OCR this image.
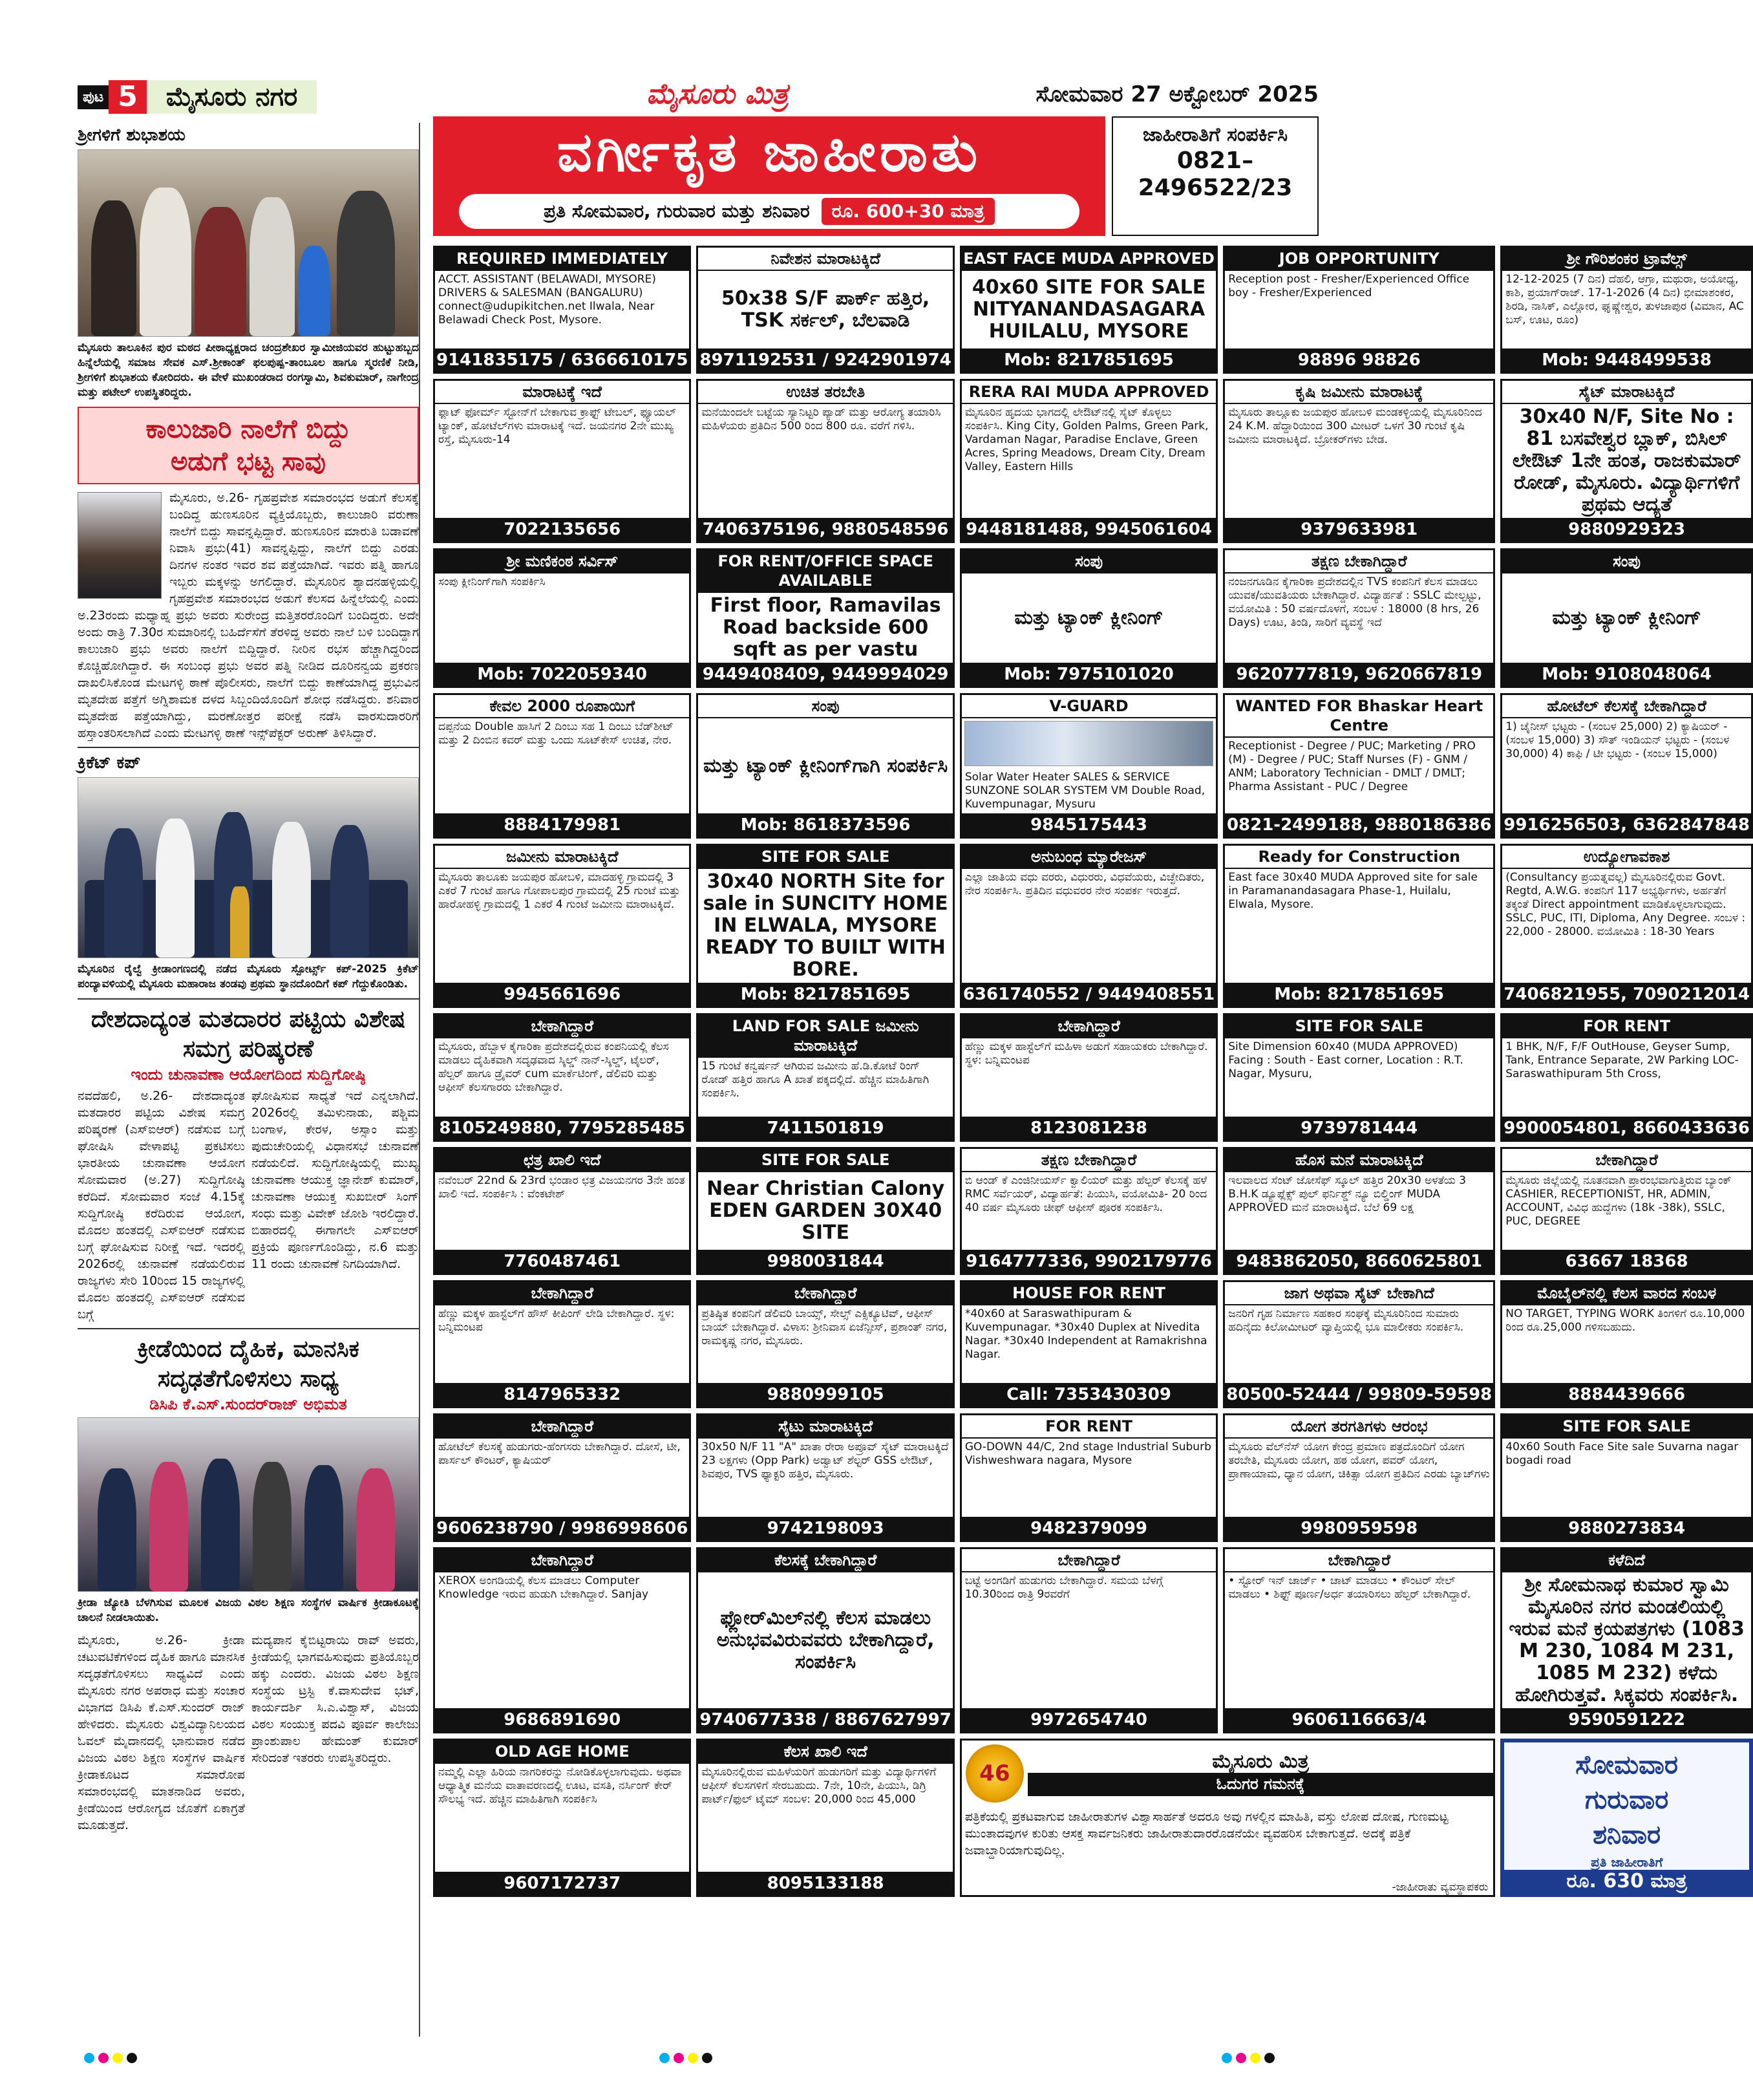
ಪುಟ 5	ಮೈಸೂರು ನಗರ	ಮೈಸೂರು ಮಿತ್ರ	ಸೋಮವಾರ 27 ಅಕ್ಟೋಬರ್ 2025
ಶ್ರೀಗಳಿಗೆ ಶುಭಾಶಯ

ಮೈಸೂರು ತಾಲೂಕಿನ ಪುರ ಮಠದ ಪೀಠಾಧ್ಯಕ್ಷರಾದ ಚಂದ್ರಶೇಖರ ಸ್ವಾಮೀಜಿಯವರ ಹುಟ್ಟುಹಬ್ಬದ ಹಿನ್ನೆಲೆಯಲ್ಲಿ ಸಮಾಜ ಸೇವಕ ಎಸ್.ಶ್ರೀಕಾಂತ್ ಫಲಪುಷ್ಪ-ತಾಂಬೂಲ ಹಾಗೂ ಸ್ಮರಣಿಕೆ ನೀಡಿ, ಶ್ರೀಗಳಿಗೆ ಶುಭಾಶಯ ಕೋರಿದರು. ಈ ವೇಳೆ ಮುಖಂಡರಾದ ರಂಗಸ್ವಾಮಿ, ಶಿವಕುಮಾರ್, ನಾಗೇಂದ್ರ ಮತ್ತು ಪಟೇಲ್ ಉಪಸ್ಥಿತರಿದ್ದರು.

ಕಾಲುಜಾರಿ ನಾಲೆಗೆ ಬಿದ್ದು
ಅಡುಗೆ ಭಟ್ಟ ಸಾವು

ಮೈಸೂರು, ಅ.26- ಗೃಹಪ್ರವೇಶ ಸಮಾರಂಭದ ಅಡುಗೆ ಕೆಲಸಕ್ಕೆ ಬಂದಿದ್ದ ಹುಣಸೂರಿನ ವ್ಯಕ್ತಿಯೊಬ್ಬರು, ಕಾಲುಜಾರಿ ವರುಣಾ ನಾಲೆಗೆ ಬಿದ್ದು ಸಾವನ್ನಪ್ಪಿದ್ದಾರೆ. ಹುಣಸೂರಿನ ಮಾರುತಿ ಬಡಾವಣೆ ನಿವಾಸಿ ಪ್ರಭು(41) ಸಾವನ್ನಪ್ಪಿದ್ದು, ನಾಲೆಗೆ ಬಿದ್ದು ಎರಡು ದಿನಗಳ ನಂತರ ಇವರ ಶವ ಪತ್ತೆಯಾಗಿದೆ. ಇವರು ಪತ್ನಿ ಹಾಗೂ ಇಬ್ಬರು ಮಕ್ಕಳನ್ನು ಅಗಲಿದ್ದಾರೆ. ಮೈಸೂರಿನ ಶ್ಯಾದನಹಳ್ಳಿಯಲ್ಲಿ ಗೃಹಪ್ರವೇಶ ಸಮಾರಂಭದ ಅಡುಗೆ ಕೆಲಸದ ಹಿನ್ನೆಲೆಯಲ್ಲಿ ಎಂದು ಅ.23ರಂದು ಮಧ್ಯಾಹ್ನ ಪ್ರಭು ಅವರು ಸುರೇಂದ್ರ ಮತ್ತಿತರರೊಂದಿಗೆ ಬಂದಿದ್ದರು. ಅದೇ ಅಂದು ರಾತ್ರಿ 7.30ರ ಸುಮಾರಿನಲ್ಲಿ ಬಹಿರ್ದೆಸೆಗೆ ತೆರಳಿದ್ದ ಅವರು ನಾಲೆ ಬಳಿ ಬಂದಿದ್ದಾಗ ಕಾಲುಜಾರಿ ಪ್ರಭು ಅವರು ನಾಲೆಗೆ ಬಿದ್ದಿದ್ದಾರೆ. ನೀರಿನ ರಭಸ ಹೆಚ್ಚಾಗಿದ್ದರಿಂದ ಕೊಚ್ಚಿಹೋಗಿದ್ದಾರೆ. ಈ ಸಂಬಂಧ ಪ್ರಭು ಅವರ ಪತ್ನಿ ನೀಡಿದ ದೂರಿನನ್ವಯ ಪ್ರಕರಣ ದಾಖಲಿಸಿಕೊಂಡ ಮೇಟಗಳ್ಳಿ ಠಾಣೆ ಪೊಲೀಸರು, ನಾಲೆಗೆ ಬಿದ್ದು ಕಾಣೆಯಾಗಿದ್ದ ಪ್ರಭುವಿನ ಮೃತದೇಹ ಪತ್ತೆಗೆ ಅಗ್ನಿಶಾಮಕ ದಳದ ಸಿಬ್ಬಂದಿಯೊಂದಿಗೆ ಶೋಧ ನಡೆಸಿದ್ದರು. ಶನಿವಾರ ಮೃತದೇಹ ಪತ್ತೆಯಾಗಿದ್ದು, ಮರಣೋತ್ತರ ಪರೀಕ್ಷೆ ನಡೆಸಿ ವಾರಸುದಾರರಿಗೆ ಹಸ್ತಾಂತರಿಸಲಾಗಿದೆ ಎಂದು ಮೇಟಗಳ್ಳಿ ಠಾಣೆ ಇನ್ಸ್‌ಪೆಕ್ಟರ್ ಅರುಣ್ ತಿಳಿಸಿದ್ದಾರೆ.

ಕ್ರಿಕೆಟ್ ಕಪ್

ಮೈಸೂರಿನ ರೈಲ್ವೆ ಕ್ರೀಡಾಂಗಣದಲ್ಲಿ ನಡೆದ ಮೈಸೂರು ಸ್ಪೋರ್ಟ್ಸ್ ಕಪ್-2025 ಕ್ರಿಕೆಟ್ ಪಂದ್ಯಾವಳಿಯಲ್ಲಿ ಮೈಸೂರು ಮಹಾರಾಜ ತಂಡವು ಪ್ರಥಮ ಸ್ಥಾನದೊಂದಿಗೆ ಕಪ್ ಗೆದ್ದುಕೊಂಡಿತು.

ದೇಶದಾದ್ಯಂತ ಮತದಾರರ ಪಟ್ಟಿಯ ವಿಶೇಷ ಸಮಗ್ರ ಪರಿಷ್ಕರಣೆ
ಇಂದು ಚುನಾವಣಾ ಆಯೋಗದಿಂದ ಸುದ್ದಿಗೋಷ್ಠಿ

ನವದೆಹಲಿ, ಅ.26- ದೇಶದಾದ್ಯಂತ ಮತದಾರರ ಪಟ್ಟಿಯ ವಿಶೇಷ ಸಮಗ್ರ ಪರಿಷ್ಕರಣೆ (ಎಸ್‌ಐಆರ್) ನಡೆಸುವ ಬಗ್ಗೆ ಘೋಷಿಸಿ ವೇಳಾಪಟ್ಟಿ ಪ್ರಕಟಿಸಲು ಭಾರತೀಯ ಚುನಾವಣಾ ಆಯೋಗ ಸೋಮವಾರ (ಅ.27) ಸುದ್ದಿಗೋಷ್ಠಿ ಕರೆದಿದೆ. ಸೋಮವಾರ ಸಂಜೆ 4.15ಕ್ಕೆ ಸುದ್ದಿಗೋಷ್ಠಿ ಕರೆದಿರುವ ಆಯೋಗ, ಮೊದಲ ಹಂತದಲ್ಲಿ ಎಸ್‌ಐಆರ್ ನಡೆಸುವ ಬಗ್ಗೆ ಘೋಷಿಸುವ ನಿರೀಕ್ಷೆ ಇದೆ. ಇದರಲ್ಲಿ 2026ರಲ್ಲಿ ಚುನಾವಣೆ ನಡೆಯಲಿರುವ ರಾಜ್ಯಗಳು ಸೇರಿ 10ರಿಂದ 15 ರಾಜ್ಯಗಳಲ್ಲಿ ಮೊದಲ ಹಂತದಲ್ಲಿ ಎಸ್‌ಐಆರ್ ನಡೆಸುವ ಬಗ್ಗೆ

ಘೋಷಿಸುವ ಸಾಧ್ಯತೆ ಇದೆ ಎನ್ನಲಾಗಿದೆ. 2026ರಲ್ಲಿ ತಮಿಳುನಾಡು, ಪಶ್ಚಿಮ ಬಂಗಾಳ, ಕೇರಳ, ಅಸ್ಸಾಂ ಮತ್ತು ಪುದುಚೇರಿಯಲ್ಲಿ ವಿಧಾನಸಭೆ ಚುನಾವಣೆ ನಡೆಯಲಿದೆ. ಸುದ್ದಿಗೋಷ್ಠಿಯಲ್ಲಿ ಮುಖ್ಯ ಚುನಾವಣಾ ಆಯುಕ್ತ ಜ್ಞಾನೇಶ್ ಕುಮಾರ್, ಚುನಾವಣಾ ಆಯುಕ್ತ ಸುಖಬೀರ್ ಸಿಂಗ್ ಸಂಧು ಮತ್ತು ವಿವೇಕ್ ಜೋಶಿ ಇರಲಿದ್ದಾರೆ. ಬಿಹಾರದಲ್ಲಿ ಈಗಾಗಲೇ ಎಸ್‌ಐಆರ್ ಪ್ರಕ್ರಿಯೆ ಪೂರ್ಣಗೊಂಡಿದ್ದು, ನ.6 ಮತ್ತು 11 ರಂದು ಚುನಾವಣೆ ನಿಗದಿಯಾಗಿದೆ.

ಕ್ರೀಡೆಯಿಂದ ದೈಹಿಕ, ಮಾನಸಿಕ ಸದೃಢತೆಗೊಳಿಸಲು ಸಾಧ್ಯ
ಡಿಸಿಪಿ ಕೆ.ಎಸ್.ಸುಂದರ್‌ರಾಜ್ ಅಭಿಮತ

ಕ್ರೀಡಾ ಜ್ಯೋತಿ ಬೆಳಗಿಸುವ ಮೂಲಕ ವಿಜಯ ವಿಠಲ ಶಿಕ್ಷಣ ಸಂಸ್ಥೆಗಳ ವಾರ್ಷಿಕ ಕ್ರೀಡಾಕೂಟಕ್ಕೆ ಚಾಲನೆ ನೀಡಲಾಯಿತು.

ಮೈಸೂರು, ಅ.26- ಕ್ರೀಡಾ ಚಟುವಟಿಕೆಗಳಿಂದ ದೈಹಿಕ ಹಾಗೂ ಮಾನಸಿಕ ಸದೃಢತೆಗೊಳಿಸಲು ಸಾಧ್ಯವಿದೆ ಎಂದು ಮೈಸೂರು ನಗರ ಅಪರಾಧ ಮತ್ತು ಸಂಚಾರ ವಿಭಾಗದ ಡಿಸಿಪಿ ಕೆ.ಎಸ್.ಸುಂದರ್ ರಾಜ್ ಹೇಳಿದರು. ಮೈಸೂರು ವಿಶ್ವವಿದ್ಯಾನಿಲಯದ ಓವಲ್ ಮೈದಾನದಲ್ಲಿ ಭಾನುವಾರ ನಡೆದ ವಿಜಯ ವಿಠಲ ಶಿಕ್ಷಣ ಸಂಸ್ಥೆಗಳ ವಾರ್ಷಿಕ ಕ್ರೀಡಾಕೂಟದ ಸಮಾರೋಪ ಸಮಾರಂಭದಲ್ಲಿ ಮಾತನಾಡಿದ ಅವರು, ಕ್ರೀಡೆಯಿಂದ ಆರೋಗ್ಯದ ಜೊತೆಗೆ ಏಕಾಗ್ರತೆ ಮೂಡುತ್ತದೆ.

ಮದ್ಯಪಾನ ಕೈಬಿಟ್ಟರಾಯಿ ರಾವ್ ಅವರು, ಕ್ರೀಡೆಯಲ್ಲಿ ಭಾಗವಹಿಸುವುದು ಪ್ರತಿಯೊಬ್ಬರ ಹಕ್ಕು ಎಂದರು. ವಿಜಯ ವಿಠಲ ಶಿಕ್ಷಣ ಸಂಸ್ಥೆಯ ಟ್ರಸ್ಟಿ ಕೆ.ವಾಸುದೇವ ಭಟ್, ಕಾರ್ಯದರ್ಶಿ ಸಿ.ಎ.ವಿಶ್ವಾಸ್, ವಿಜಯ ವಿಠಲ ಸಂಯುಕ್ತ ಪದವಿ ಪೂರ್ವ ಕಾಲೇಜು ಪ್ರಾಂಶುಪಾಲ ಹೇಮಂತ್ ಕುಮಾರ್ ಸೇರಿದಂತೆ ಇತರರು ಉಪಸ್ಥಿತರಿದ್ದರು.

ವರ್ಗೀಕೃತ ಜಾಹೀರಾತು
ಪ್ರತಿ ಸೋಮವಾರ, ಗುರುವಾರ ಮತ್ತು ಶನಿವಾರ	ರೂ. 600+30 ಮಾತ್ರ
ಜಾಹೀರಾತಿಗೆ ಸಂಪರ್ಕಿಸಿ
0821–
2496522/23
REQUIRED IMMEDIATELY
ACCT. ASSISTANT (BELAWADI, MYSORE) DRIVERS & SALESMAN (BANGALURU) connect@udupikitchen.net Ilwala, Near Belawadi Check Post, Mysore.
9141835175 / 6366610175
ನಿವೇಶನ ಮಾರಾಟಕ್ಕಿದೆ
50x38 S/F ಪಾರ್ಕ್ ಹತ್ತಿರ, TSK ಸರ್ಕಲ್, ಬೆಲವಾಡಿ
8971192531 / 9242901974
EAST FACE MUDA APPROVED
40x60 SITE FOR SALE NITYANANDASAGARA HUILALU, MYSORE
Mob: 8217851695
JOB OPPORTUNITY
Reception post - Fresher/Experienced Office boy - Fresher/Experienced
98896 98826
ಶ್ರೀ ಗೌರಿಶಂಕರ ಟ್ರಾವೆಲ್ಸ್
12-12-2025 (7 ದಿನ) ದೆಹಲಿ, ಆಗ್ರಾ, ಮಥುರಾ, ಅಯೋಧ್ಯ, ಕಾಶಿ, ಪ್ರಯಾಗ್‌ರಾಜ್. 17-1-2026 (4 ದಿನ) ಭೀಮಾಶಂಕರ, ಶಿರಡಿ, ನಾಸಿಕ್, ಎಲ್ಲೋರ, ಘೃಷ್ಣೇಶ್ವರ, ತುಳಜಾಪುರ (ವಿಮಾನ, AC ಬಸ್, ಊಟ, ರೂಂ)
Mob: 9448499538
ಮಾರಾಟಕ್ಕೆ ಇದೆ
ಫ್ಲಾಟ್ ಫೋರ್ಮ್ ಸ್ಟೋನ್‌ಗೆ ಬೇಕಾಗುವ ಕ್ರಾಫ್ಟ್ ಟೇಬಲ್, ಫ್ಯೂಯಲ್ ಟ್ಯಾಂಕ್, ಹೋಟೆಲ್‌ಗಳು ಮಾರಾಟಕ್ಕೆ ಇದೆ. ಜಯನಗರ 2ನೇ ಮುಖ್ಯ ರಸ್ತೆ, ಮೈಸೂರು-14
7022135656
ಉಚಿತ ತರಬೇತಿ
ಮನೆಯಿಂದಲೇ ಬಟ್ಟೆಯ ಸ್ಯಾನಿಟ್ಟರಿ ಪ್ಯಾಡ್ ಮತ್ತು ಆರೋಗ್ಯ ತಯಾರಿಸಿ ಮಹಿಳೆಯರು ಪ್ರತಿದಿನ 500 ರಿಂದ 800 ರೂ. ವರೆಗೆ ಗಳಿಸಿ.
7406375196, 9880548596
RERA RAI MUDA APPROVED
ಮೈಸೂರಿನ ಹೃದಯ ಭಾಗದಲ್ಲಿ ಲೇಔಟ್‌ನಲ್ಲಿ ಸೈಟ್ ಕೊಳ್ಳಲು ಸಂಪರ್ಕಿಸಿ. King City, Golden Palms, Green Park, Vardaman Nagar, Paradise Enclave, Green Acres, Spring Meadows, Dream City, Dream Valley, Eastern Hills
9448181488, 9945061604
ಕೃಷಿ ಜಮೀನು ಮಾರಾಟಕ್ಕೆ
ಮೈಸೂರು ತಾಲ್ಲೂಕು ಜಯಪುರ ಹೋಬಳಿ ಮಂಡಕಳ್ಳಿಯಲ್ಲಿ ಮೈಸೂರಿನಿಂದ 24 K.M. ಹೆದ್ದಾರಿಯಿಂದ 300 ಮೀಟರ್ ಒಳಗೆ 30 ಗುಂಟೆ ಕೃಷಿ ಜಮೀನು ಮಾರಾಟಕ್ಕಿದೆ. ಬ್ರೋಕರ್‌ಗಳು ಬೇಡ.
9379633981
ಸೈಟ್ ಮಾರಾಟಕ್ಕಿದೆ
30x40 N/F, Site No : 81 ಬಸವೇಶ್ವರ ಬ್ಲಾಕ್, ಬಿಸಿಲ್ ಲೇಔಟ್ 1ನೇ ಹಂತ, ರಾಜಕುಮಾರ್ ರೋಡ್, ಮೈಸೂರು. ವಿದ್ಯಾರ್ಥಿಗಳಿಗೆ ಪ್ರಥಮ ಆದ್ಯತೆ
9880929323
ಶ್ರೀ ಮಣಿಕಂಠ ಸರ್ವಿಸ್
ಸಂಪು ಕ್ಲೀನಿಂಗ್‌ಗಾಗಿ ಸಂಪರ್ಕಿಸಿ
Mob: 7022059340
FOR RENT/OFFICE SPACE AVAILABLE
First floor, Ramavilas Road backside 600 sqft as per vastu
9449408409, 9449994029
ಸಂಪು
ಮತ್ತು ಟ್ಯಾಂಕ್ ಕ್ಲೀನಿಂಗ್
Mob: 7975101020
ತಕ್ಷಣ ಬೇಕಾಗಿದ್ದಾರೆ
ನಂಜನಗೂಡಿನ ಕೈಗಾರಿಕಾ ಪ್ರದೇಶದಲ್ಲಿನ TVS ಕಂಪನಿಗೆ ಕೆಲಸ ಮಾಡಲು ಯುವಕ/ಯುವತಿಯರು ಬೇಕಾಗಿದ್ದಾರೆ. ವಿದ್ಯಾರ್ಹತೆ : SSLC ಮೇಲ್ಪಟ್ಟು, ವಯೋಮಿತಿ : 50 ವರ್ಷದೊಳಗೆ, ಸಂಬಳ : 18000 (8 hrs, 26 Days) ಊಟ, ತಿಂಡಿ, ಸಾರಿಗೆ ವ್ಯವಸ್ಥೆ ಇದೆ
9620777819, 9620667819
ಸಂಪು
ಮತ್ತು ಟ್ಯಾಂಕ್ ಕ್ಲೀನಿಂಗ್
Mob: 9108048064
ಕೇವಲ 2000 ರೂಪಾಯಿಗೆ
ದಪ್ಪನೆಯ Double ಹಾಸಿಗೆ 2 ದಿಂಬು ಸಹ 1 ದಿಂಬು ಬೆಡ್‌ಶೀಟ್ ಮತ್ತು 2 ದಿಂಬಿನ ಕವರ್ ಮತ್ತು ಒಂದು ಸೂಟ್‌ಕೇಸ್ ಉಚಿತ, ನೇರ.
8884179981
ಸಂಪು
ಮತ್ತು ಟ್ಯಾಂಕ್ ಕ್ಲೀನಿಂಗ್‌ಗಾಗಿ ಸಂಪರ್ಕಿಸಿ
Mob: 8618373596
V-GUARD
Solar Water Heater SALES & SERVICE SUNZONE SOLAR SYSTEM VM Double Road, Kuvempunagar, Mysuru
9845175443
WANTED FOR Bhaskar Heart Centre
Receptionist - Degree / PUC; Marketing / PRO (M) - Degree / PUC; Staff Nurses (F) - GNM / ANM; Laboratory Technician - DMLT / DMLT; Pharma Assistant - PUC / Degree
0821-2499188, 9880186386
ಹೋಟೆಲ್ ಕೆಲಸಕ್ಕೆ ಬೇಕಾಗಿದ್ದಾರೆ
1) ಚೈನೀಸ್ ಭಟ್ಟರು - (ಸಂಬಳ 25,000) 2) ಕ್ಯಾಷಿಯರ್ - (ಸಂಬಳ 15,000) 3) ಸೌತ್ ಇಂಡಿಯನ್ ಭಟ್ಟರು - (ಸಂಬಳ 30,000) 4) ಕಾಫಿ / ಟೀ ಭಟ್ಟರು - (ಸಂಬಳ 15,000)
9916256503, 6362847848
ಜಮೀನು ಮಾರಾಟಕ್ಕಿದೆ
ಮೈಸೂರು ತಾಲೂಕು ಜಯಪುರ ಹೋಬಳಿ, ಮಾದಹಳ್ಳಿ ಗ್ರಾಮದಲ್ಲಿ 3 ಎಕರೆ 7 ಗುಂಟೆ ಹಾಗೂ ಗೋಪಾಲಪುರ ಗ್ರಾಮದಲ್ಲಿ 25 ಗುಂಟೆ ಮತ್ತು ಹಾರೋಹಳ್ಳಿ ಗ್ರಾಮದಲ್ಲಿ 1 ಎಕರೆ 4 ಗುಂಟೆ ಜಮೀನು ಮಾರಾಟಕ್ಕಿದೆ.
9945661696
SITE FOR SALE
30x40 NORTH Site for sale in SUNCITY HOME IN ELWALA, MYSORE READY TO BUILT WITH BORE.
Mob: 8217851695
ಅನುಬಂಧ ಮ್ಯಾರೇಜಸ್
ಎಲ್ಲಾ ಜಾತಿಯ ವಧು ವರರು, ವಿಧುರರು, ವಿಧವೆಯರು, ವಿಚ್ಛೇದಿತರು, ನೇರ ಸಂಪರ್ಕಿಸಿ. ಪ್ರತಿದಿನ ವಧುವರರ ನೇರ ಸಂಪರ್ಕ ಇರುತ್ತದೆ.
6361740552 / 9449408551
Ready for Construction
East face 30x40 MUDA Approved site for sale in Paramanandasagara Phase-1, Huilalu, Elwala, Mysore.
Mob: 8217851695
ಉದ್ಯೋಗಾವಕಾಶ
(Consultancy ಪ್ರಯತ್ನವಲ್ಲ) ಮೈಸೂರಿನಲ್ಲಿರುವ Govt. Regtd, A.W.G. ಕಂಪನಿಗೆ 117 ಅಭ್ಯರ್ಥಿಗಳು, ಅರ್ಹತೆಗೆ ತಕ್ಕಂತೆ Direct appointment ಮಾಡಿಕೊಳ್ಳಲಾಗುವುದು. SSLC, PUC, ITI, Diploma, Any Degree. ಸಂಬಳ : 22,000 - 28000. ವಯೋಮಿತಿ : 18-30 Years
7406821955, 7090212014
ಬೇಕಾಗಿದ್ದಾರೆ
ಮೈಸೂರು, ಹೆಬ್ಬಾಳ ಕೈಗಾರಿಕಾ ಪ್ರದೇಶದಲ್ಲಿರುವ ಕಂಪನಿಯಲ್ಲಿ ಕೆಲಸ ಮಾಡಲು ದೈಹಿಕವಾಗಿ ಸದೃಢವಾದ ಸ್ಕಿಲ್ಡ್ ನಾನ್-ಸ್ಕಿಲ್ಡ್, ಟೈಲರ್, ಹೆಲ್ಪರ್ ಹಾಗೂ ಡ್ರೈವರ್ cum ಮಾರ್ಕೆಟಿಂಗ್, ಡೆಲಿವರಿ ಮತ್ತು ಆಫೀಸ್ ಕೆಲಸಗಾರರು ಬೇಕಾಗಿದ್ದಾರೆ.
8105249880, 7795285485
LAND FOR SALE ಜಮೀನು ಮಾರಾಟಕ್ಕಿದೆ
15 ಗುಂಟೆ ಕನ್ವರ್ಷನ್ ಆಗಿರುವ ಜಮೀನು ಹೆ.ಡಿ.ಕೋಟೆ ರಿಂಗ್ ರೋಡ್ ಹತ್ತಿರ ಹಾಗೂ A ಖಾತೆ ಪಕ್ಕದಲ್ಲಿದೆ. ಹೆಚ್ಚಿನ ಮಾಹಿತಿಗಾಗಿ ಸಂಪರ್ಕಿಸಿ.
7411501819
ಬೇಕಾಗಿದ್ದಾರೆ
ಹೆಣ್ಣು ಮಕ್ಕಳ ಹಾಸ್ಟೆಲ್‌ಗೆ ಮಹಿಳಾ ಅಡುಗೆ ಸಹಾಯಕರು ಬೇಕಾಗಿದ್ದಾರೆ. ಸ್ಥಳ: ಬನ್ನಿಮಂಟಪ
8123081238
SITE FOR SALE
Site Dimension 60x40 (MUDA APPROVED) Facing : South - East corner, Location : R.T. Nagar, Mysuru,
9739781444
FOR RENT
1 BHK, N/F, F/F OutHouse, Geyser Sump, Tank, Entrance Separate, 2W Parking LOC-Saraswathipuram 5th Cross,
9900054801, 8660433636
ಛತ್ರ ಖಾಲಿ ಇದೆ
ನವೆಂಬರ್ 22nd & 23rd ಭಂಡಾರ ಛತ್ರ ವಿಜಯನಗರ 3ನೇ ಹಂತ ಖಾಲಿ ಇದೆ. ಸಂಪರ್ಕಿಸಿ : ವೆಂಕಟೇಶ್
7760487461
SITE FOR SALE
Near Christian Calony EDEN GARDEN 30X40 SITE
9980031844
ತಕ್ಷಣ ಬೇಕಾಗಿದ್ದಾರೆ
ಬಿ ಆಂಡ್ ಕೆ ಎಂಜಿನೀಯರ್ಸ್ ಕ್ವಾಲಿಯರ್ ಮತ್ತು ಹೆಲ್ಪರ್ ಕೆಲಸಕ್ಕೆ ಹಳೆ RMC ಸರ್ವೆಯರ್, ವಿದ್ಯಾರ್ಹತೆ: ಪಿಯುಸಿ, ವಯೋಮಿತಿ- 20 ರಿಂದ 40 ವರ್ಷ ಮೈಸೂರು ಚೀಫ್ ಆಫೀಸ್ ಪೂರಕ ಸಂಪರ್ಕಿಸಿ.
9164777336, 9902179776
ಹೊಸ ಮನೆ ಮಾರಾಟಕ್ಕಿದೆ
ಇಲವಾಲದ ಸೆಂಟ್ ಜೋಸೆಫ್ ಸ್ಕೂಲ್ ಹತ್ತಿರ 20x30 ಅಳತೆಯ 3 B.H.K ಡ್ಯೂಪ್ಲೆಕ್ಸ್ ಪುಲ್ ಫರ್ನಿಶ್ಡ್ ನ್ಯೂ ಬಿಲ್ಡಿಂಗ್ MUDA APPROVED ಮನೆ ಮಾರಾಟಕ್ಕಿದೆ. ಬೆಲೆ 69 ಲಕ್ಷ
9483862050, 8660625801
ಬೇಕಾಗಿದ್ದಾರೆ
ಮೈಸೂರು ಜಿಲ್ಲೆಯಲ್ಲಿ ನೂತನವಾಗಿ ಪ್ರಾರಂಭವಾಗುತ್ತಿರುವ ಬ್ಯಾಂಕ್ CASHIER, RECEPTIONIST, HR, ADMIN, ACCOUNT, ವಿವಿಧ ಹುದ್ದೆಗಳು (18k -38k), SSLC, PUC, DEGREE
63667 18368
ಬೇಕಾಗಿದ್ದಾರೆ
ಹೆಣ್ಣು ಮಕ್ಕಳ ಹಾಸ್ಟೆಲ್‌ಗೆ ಹೌಸ್ ಕೀಪಿಂಗ್ ಲೇಡಿ ಬೇಕಾಗಿದ್ದಾರೆ. ಸ್ಥಳ: ಬನ್ನಿಮಂಟಪ
8147965332
ಬೇಕಾಗಿದ್ದಾರೆ
ಪ್ರತಿಷ್ಠಿತ ಕಂಪನಿಗೆ ಡೆಲಿವರಿ ಬಾಯ್ಸ್, ಸೇಲ್ಸ್ ಎಕ್ಸಿಕ್ಯೂಟಿವ್, ಆಫೀಸ್ ಬಾಯ್ ಬೇಕಾಗಿದ್ದಾರೆ. ವಿಳಾಸ: ಶ್ರೀನಿವಾಸ ಏಜೆನ್ಸೀಸ್, ಪ್ರಶಾಂತ್ ನಗರ, ರಾಮಕೃಷ್ಣ ನಗರ, ಮೈಸೂರು.
9880999105
HOUSE FOR RENT
*40x60 at Saraswathipuram & Kuvempunagar. *30x40 Duplex at Nivedita Nagar. *30x40 Independent at Ramakrishna Nagar.
Call: 7353430309
ಜಾಗ ಅಥವಾ ಸೈಟ್ ಬೇಕಾಗಿದೆ
ಜನರಿಗೆ ಗೃಹ ನಿರ್ಮಾಣ ಸಹಕಾರ ಸಂಘಕ್ಕೆ ಮೈಸೂರಿನಿಂದ ಸುಮಾರು ಹದಿನೈದು ಕಿಲೋಮೀಟರ್ ವ್ಯಾಪ್ತಿಯಲ್ಲಿ ಭೂ ಮಾಲೀಕರು ಸಂಪರ್ಕಿಸಿ.
80500-52444 / 99809-59598
ಮೊಬೈಲ್‌ನಲ್ಲಿ ಕೆಲಸ ವಾರದ ಸಂಬಳ
NO TARGET, TYPING WORK ತಿಂಗಳಿಗೆ ರೂ.10,000 ರಿಂದ ರೂ.25,000 ಗಳಿಸಬಹುದು.
8884439666
ಬೇಕಾಗಿದ್ದಾರೆ
ಹೋಟೆಲ್ ಕೆಲಸಕ್ಕೆ ಹುಡುಗರು-ಹೆಂಗಸರು ಬೇಕಾಗಿದ್ದಾರೆ. ದೋಸೆ, ಟೀ, ಪಾರ್ಸಲ್ ಕೌಂಟರ್, ಕ್ಯಾಷಿಯರ್
9606238790 / 9986998606
ಸೈಟು ಮಾರಾಟಕ್ಕಿದೆ
30x50 N/F 11 "A" ಖಾತಾ ರೇರಾ ಅಪ್ರೂವ್ ಸೈಟ್ ಮಾರಾಟಕ್ಕಿದೆ 23 ಲಕ್ಷಗಳು (Opp Park) ಅಡ್ವಾಟ್ ಶೆಲ್ಟರ್ GSS ಲೇಔಟ್, ಶಿವಪುರ, TVS ಫ್ಯಾಕ್ಟರಿ ಹತ್ತಿರ, ಮೈಸೂರು.
9742198093
FOR RENT
GO-DOWN 44/C, 2nd stage Industrial Suburb Vishweshwara nagara, Mysore
9482379099
ಯೋಗ ತರಗತಿಗಳು ಆರಂಭ
ಮೈಸೂರು ವೆಲ್‌ನೆಸ್ ಯೋಗ ಕೇಂದ್ರ ಪ್ರಮಾಣ ಪತ್ರದೊಂದಿಗೆ ಯೋಗ ತರಬೇತಿ, ಮೈಸೂರು ಯೋಗ, ಹಠ ಯೋಗ, ಪವರ್ ಯೋಗ, ಪ್ರಾಣಾಯಾಮ, ಧ್ಯಾನ ಯೋಗ, ಚಿಕಿತ್ಸಾ ಯೋಗ ಪ್ರತಿದಿನ ಎರಡು ಬ್ಯಾಚ್‌ಗಳು
9980959598
SITE FOR SALE
40x60 South Face Site sale Suvarna nagar bogadi road
9880273834
ಬೇಕಾಗಿದ್ದಾರೆ
XEROX ಅಂಗಡಿಯಲ್ಲಿ ಕೆಲಸ ಮಾಡಲು Computer Knowledge ಇರುವ ಹುಡುಗಿ ಬೇಕಾಗಿದ್ದಾರೆ. Sanjay
9686891690
ಕೆಲಸಕ್ಕೆ ಬೇಕಾಗಿದ್ದಾರೆ
ಫ್ಲೋರ್‌ಮಿಲ್‌ನಲ್ಲಿ ಕೆಲಸ ಮಾಡಲು ಅನುಭವವಿರುವವರು ಬೇಕಾಗಿದ್ದಾರೆ, ಸಂಪರ್ಕಿಸಿ
9740677338 / 8867627997
ಬೇಕಾಗಿದ್ದಾರೆ
ಬಟ್ಟೆ ಅಂಗಡಿಗೆ ಹುಡುಗರು ಬೇಕಾಗಿದ್ದಾರೆ. ಸಮಯ ಬೆಳಗ್ಗೆ 10.30ರಿಂದ ರಾತ್ರಿ 9ರವರೆಗೆ
9972654740
ಬೇಕಾಗಿದ್ದಾರೆ
• ಸ್ಟೋರ್ ಇನ್ ಚಾರ್ಜ್ • ಚಾಟ್ ಮಾಡಲು • ಕೌಂಟರ್ ಸೇಲ್ ಮಾಡಲು • ಶಿಫ್ಟ್ ಪೂರ್ಣ/ಅರ್ಧ ತಯಾರಿಸಲು ಹೆಲ್ಪರ್ ಬೇಕಾಗಿದ್ದಾರೆ.
9606116663/4
ಕಳೆದಿದೆ
ಶ್ರೀ ಸೋಮನಾಥ ಕುಮಾರ ಸ್ವಾಮಿ ಮೈಸೂರಿನ ನಗರ ಮಂಡಲಿಯಲ್ಲಿ ಇರುವ ಮನೆ ಕ್ರಯಪತ್ರಗಳು (1083 M 230, 1084 M 231, 1085 M 232) ಕಳೆದು ಹೋಗಿರುತ್ತವೆ. ಸಿಕ್ಕವರು ಸಂಪರ್ಕಿಸಿ.
9590591222
OLD AGE HOME
ನಮ್ಮಲ್ಲಿ ಎಲ್ಲಾ ಹಿರಿಯ ನಾಗರಿಕರನ್ನು ನೋಡಿಕೊಳ್ಳಲಾಗುವುದು. ಅಥವಾ ಆಧ್ಯಾತ್ಮಿಕ ಮನೆಯ ವಾತಾವರಣದಲ್ಲಿ ಊಟ, ವಸತಿ, ನರ್ಸಿಂಗ್ ಕೇರ್ ಸೌಲಭ್ಯ ಇದೆ. ಹೆಚ್ಚಿನ ಮಾಹಿತಿಗಾಗಿ ಸಂಪರ್ಕಿಸಿ
9607172737
ಕೆಲಸ ಖಾಲಿ ಇದೆ
ಮೈಸೂರಿನಲ್ಲಿರುವ ಮಹಿಳೆಯರಿಗೆ ಹುಡುಗರಿಗೆ ಮತ್ತು ವಿದ್ಯಾರ್ಥಿಗಳಿಗೆ ಆಫೀಸ್ ಕೆಲಸಗಳಿಗೆ ಸೇರಬಹುದು. 7ನೇ, 10ನೇ, ಪಿಯುಸಿ, ಡಿಗ್ರಿ ಪಾರ್ಟ್/ಫುಲ್ ಟೈಮ್ ಸಂಬಳ: 20,000 ರಿಂದ 45,000
8095133188
46	ಮೈಸೂರು ಮಿತ್ರ
ಓದುಗರ ಗಮನಕ್ಕೆ
ಪತ್ರಿಕೆಯಲ್ಲಿ ಪ್ರಕಟವಾಗುವ ಜಾಹೀರಾತುಗಳ ವಿಶ್ವಾಸಾರ್ಹತೆ ಅದರೂ ಅವು ಗಳಲ್ಲಿನ ಮಾಹಿತಿ, ವಸ್ತು ಲೋಪ ದೋಷ, ಗುಣಮಟ್ಟ ಮುಂತಾದವುಗಳ ಕುರಿತು ಆಸಕ್ತ ಸಾರ್ವಜನಿಕರು ಜಾಹೀರಾತುದಾರರೊಡನೆಯೇ ವ್ಯವಹರಿಸ ಬೇಕಾಗುತ್ತದೆ. ಅದಕ್ಕೆ ಪತ್ರಿಕೆ ಜವಾಬ್ದಾರಿಯಾಗುವುದಿಲ್ಲ.
-ಜಾಹೀರಾತು ವ್ಯವಸ್ಥಾಪಕರು
ಸೋಮವಾರ
ಗುರುವಾರ
ಶನಿವಾರ
ಪ್ರತಿ ಜಾಹೀರಾತಿಗೆ
ರೂ. 630 ಮಾತ್ರ
